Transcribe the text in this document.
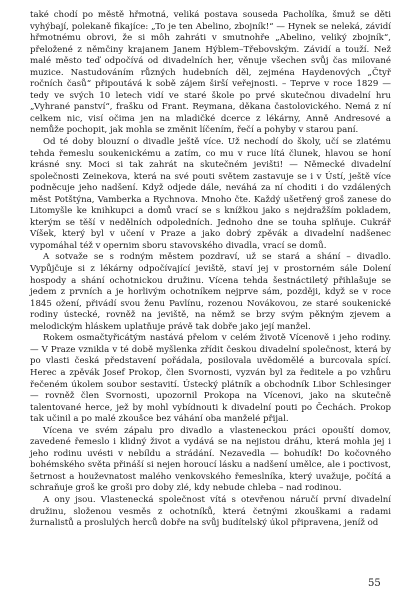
také chodí po městě hřmotná, veliká postava souseda Pacholíka, šmuž se děti vyhýbají, polekaně fikajíce: „To je ten Abelino, zbojník!“ — Hynek se neleká, závidí hřmotnému obrovi, že si môh zahráti v smutnohře „Abelino, veliký zbojník“, přeložené z němčiny krajanem Janem Hýblem–Třebovským. Závidí a touží. Než malé město teď odpočívá od divadelních her, věnuje všechen svůj čas milované muzice. Nastudováním různých hudebních děl, zejména Haydenových „Čtyř ročních časů“ připoutává k sobě zájem širší veřejnosti. – Teprve v roce 1829 — tedy ve svých 10 letech vidí ve staré škole po prvé skutečnou divadelní hru „Vyhrané panství“, frašku od Frant. Reymana, děkana častolovického. Nemá z ní celkem nic, visí očima jen na mladičké dcerce z lékárny, Anně Andresové a nemůže pochopit, jak mohla se změnit líčením, řečí a pohyby v starou paní.

Od té doby blouzní o divadle ještě více. Už nechodí do školy, učí se zlatému tehda řemeslu soukenickému a zatím, co mu v ruce lítá člunek, hlavou se honí krásné sny. Moci si tak zahrát na skutečném jevišti! — Německé divadelní společnosti Zeinekova, která na své pouti světem zastavuje se i v Ústí, ještě více podněcuje jeho nadšení. Když odjede dále, neváhá za ní choditi i do vzdálených měst Potštýna, Vamberka a Rychnova. Mnoho čte. Každý ušetřený groš zanese do Litomyšle ke knihkupci a domů vrací se s knížkou jako s nejdražším pokladem, kterým se těší v nedělních odpoledních. Jednoho dne se touha splňuje. Cukrář Víšek, který byl v učení v Praze a jako dobrý zpěvák a divadelní nadšenec vypomáhal též v opernim sboru stavovského divadla, vrací se domů.

A sotvaže se s rodným městem pozdraví, už se stará a shání – divadlo. Vypůjčuje si z lékárny odpočívající jeviště, staví jej v prostorném sále Dolení hospody a shání ochotnickou družinu. Vícena tehda šestnáctiletý přihlašuje se jedem z prvních a je horlivým ochotníkem nejprve sám, později, když se v roce 1845 ožení, přivádí svou ženu Pavlínu, rozenou Novákovou, ze staré soukenické rodiny ústecké, rovněž na jeviště, na němž se brzy svým pěkným zjevem a melodickým hláskem uplatňuje právě tak dobře jako její manžel.

Rokem osmačtyřicátým nastává přelom v celém životě Vícenově i jeho rodiny. — V Praze vznikla v té době myšlenka zřídit českou divadelní společnost, která by po vlasti česká představení pořádala, posilovala uvědomělé a burcovala spící. Herec a zpěvák Josef Prokop, člen Svornosti, vyzván byl za ředitele a po vzhůru řečeném úkolem soubor sestavití. Ústecký plátník a obchodník Libor Schlesinger — rovněž člen Svornosti, upozornil Prokopa na Vícenovi, jako na skutečně talentované herce, jež by mohl vybídnouti k divadelní pouti po Čechách. Prokop tak učinil a po malé zkoušce bez váhání oba manželé přijal.

Vícena ve svém zápalu pro divadlo a vlasteneckou práci opouští domov, zavedené řemeslo i klidný život a vydává se na nejistou dráhu, která mohla jej i jeho rodinu uvésti v nebíldu a strádání. Nezavedla — bohudík! Do kočovného bohémského světa přináší si nejen horoucí lásku a nadšení umělce, ale i poctivost, šetrnost a houževnatost malého venkovského řemeslníka, který uvažuje, počítá a schraňuje groš ke groši pro doby zlé, kdy nebude chleba – nad rodinou.

A ony jsou. Vlastenecká společnost vítá s otevřenou náručí první divadelní družinu, složenou vesměs z ochotníků, která četnými zkouškami a radami žurnalistů a proslulých herců dobře na svůj budítelský úkol připravena, jeníž od

55
